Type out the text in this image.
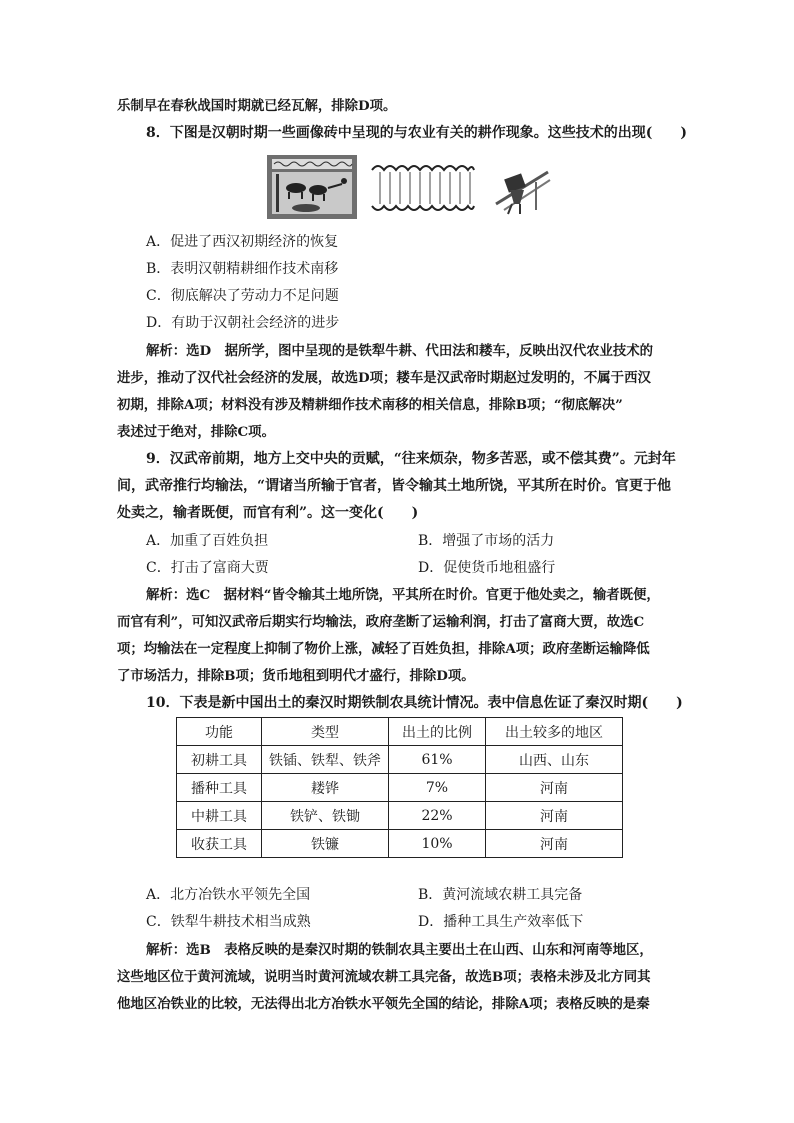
乐制早在春秋战国时期就已经瓦解，排除D项。
8．下图是汉朝时期一些画像砖中呈现的与农业有关的耕作现象。这些技术的出现(　　)
A．促进了西汉初期经济的恢复
B．表明汉朝精耕细作技术南移
C．彻底解决了劳动力不足问题
D．有助于汉朝社会经济的进步
解析：选D　据所学，图中呈现的是铁犁牛耕、代田法和耧车，反映出汉代农业技术的
进步，推动了汉代社会经济的发展，故选D项；耧车是汉武帝时期赵过发明的，不属于西汉
初期，排除A项；材料没有涉及精耕细作技术南移的相关信息，排除B项；“彻底解决”
表述过于绝对，排除C项。
9．汉武帝前期，地方上交中央的贡赋，“往来烦杂，物多苦恶，或不偿其费”。元封年
间，武帝推行均输法，“谓诸当所输于官者，皆令输其土地所饶，平其所在时价。官更于他
处卖之，输者既便，而官有利”。这一变化(　　)
A．加重了百姓负担	B．增强了市场的活力
C．打击了富商大贾	D．促使货币地租盛行
解析：选C　据材料“皆令输其土地所饶，平其所在时价。官更于他处卖之，输者既便，
而官有利”，可知汉武帝后期实行均输法，政府垄断了运输利润，打击了富商大贾，故选C
项；均输法在一定程度上抑制了物价上涨，减轻了百姓负担，排除A项；政府垄断运输降低
了市场活力，排除B项；货币地租到明代才盛行，排除D项。
10．下表是新中国出土的秦汉时期铁制农具统计情况。表中信息佐证了秦汉时期(　　)
功能	类型	出土的比例	出土较多的地区
初耕工具	铁锸、铁犁、铁斧	61%	山西、山东
播种工具	耧铧	7%	河南
中耕工具	铁铲、铁锄	22%	河南
收获工具	铁镰	10%	河南
A．北方冶铁水平领先全国	B．黄河流域农耕工具完备
C．铁犁牛耕技术相当成熟	D．播种工具生产效率低下
解析：选B　表格反映的是秦汉时期的铁制农具主要出土在山西、山东和河南等地区，
这些地区位于黄河流域，说明当时黄河流域农耕工具完备，故选B项；表格未涉及北方同其
他地区冶铁业的比较，无法得出北方冶铁水平领先全国的结论，排除A项；表格反映的是秦
